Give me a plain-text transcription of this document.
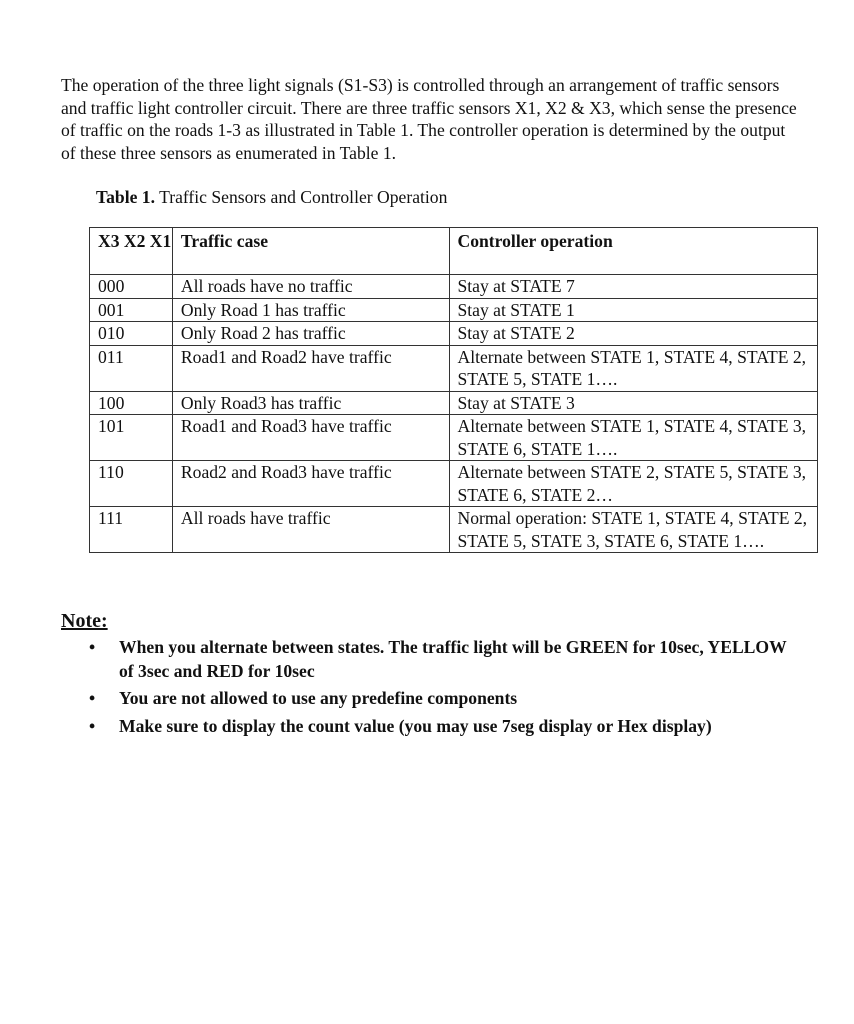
The operation of the three light signals (S1-S3) is controlled through an arrangement of traffic sensors and traffic light controller circuit. There are three traffic sensors X1, X2 & X3, which sense the presence of traffic on the roads 1-3 as illustrated in Table 1. The controller operation is determined by the output of these three sensors as enumerated in Table 1.

Table 1. Traffic Sensors and Controller Operation

X3 X2 X1	Traffic case	Controller operation
000	All roads have no traffic	Stay at STATE 7
001	Only Road 1 has traffic	Stay at STATE 1
010	Only Road 2 has traffic	Stay at STATE 2
011	Road1 and Road2 have traffic	Alternate between STATE 1, STATE 4, STATE 2, STATE 5, STATE 1….
100	Only Road3 has traffic	Stay at STATE 3
101	Road1 and Road3 have traffic	Alternate between STATE 1, STATE 4, STATE 3, STATE 6, STATE 1….
110	Road2 and Road3 have traffic	Alternate between STATE 2, STATE 5, STATE 3, STATE 6, STATE 2…
111	All roads have traffic	Normal operation: STATE 1, STATE 4, STATE 2, STATE 5, STATE 3, STATE 6, STATE 1….

Note:

• When you alternate between states. The traffic light will be GREEN for 10sec, YELLOW of 3sec and RED for 10sec
• You are not allowed to use any predefine components
• Make sure to display the count value (you may use 7seg display or Hex display)
